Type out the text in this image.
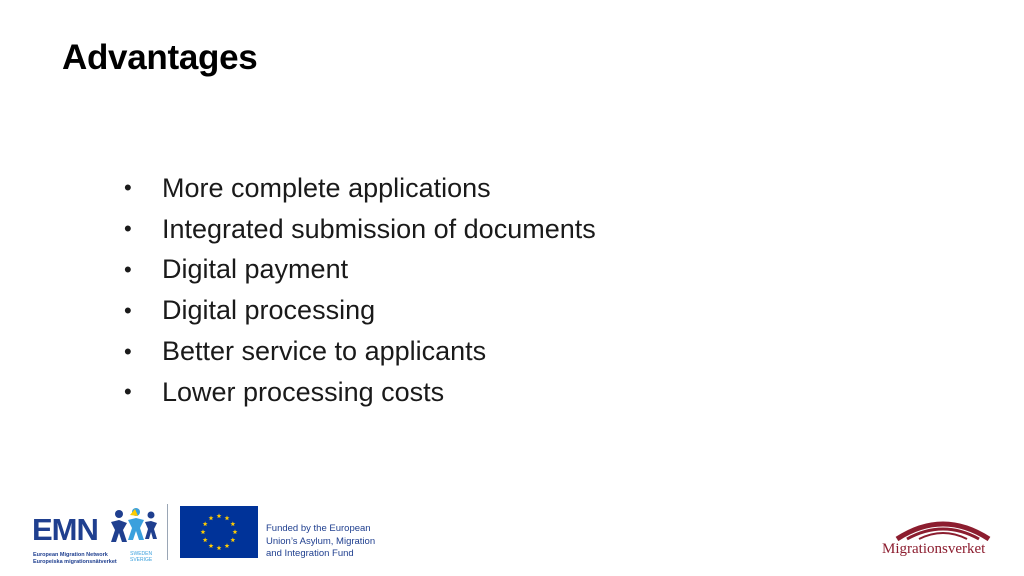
Advantages
•	More complete applications
•	Integrated submission of documents
•	Digital payment
•	Digital processing
•	Better service to applicants
•	Lower processing costs
EMN
European Migration Network
Europeiska migrationsnätverket
SWEDEN
SVERIGE
Funded by the European
Union’s Asylum, Migration
and Integration Fund	Migrationsverket
